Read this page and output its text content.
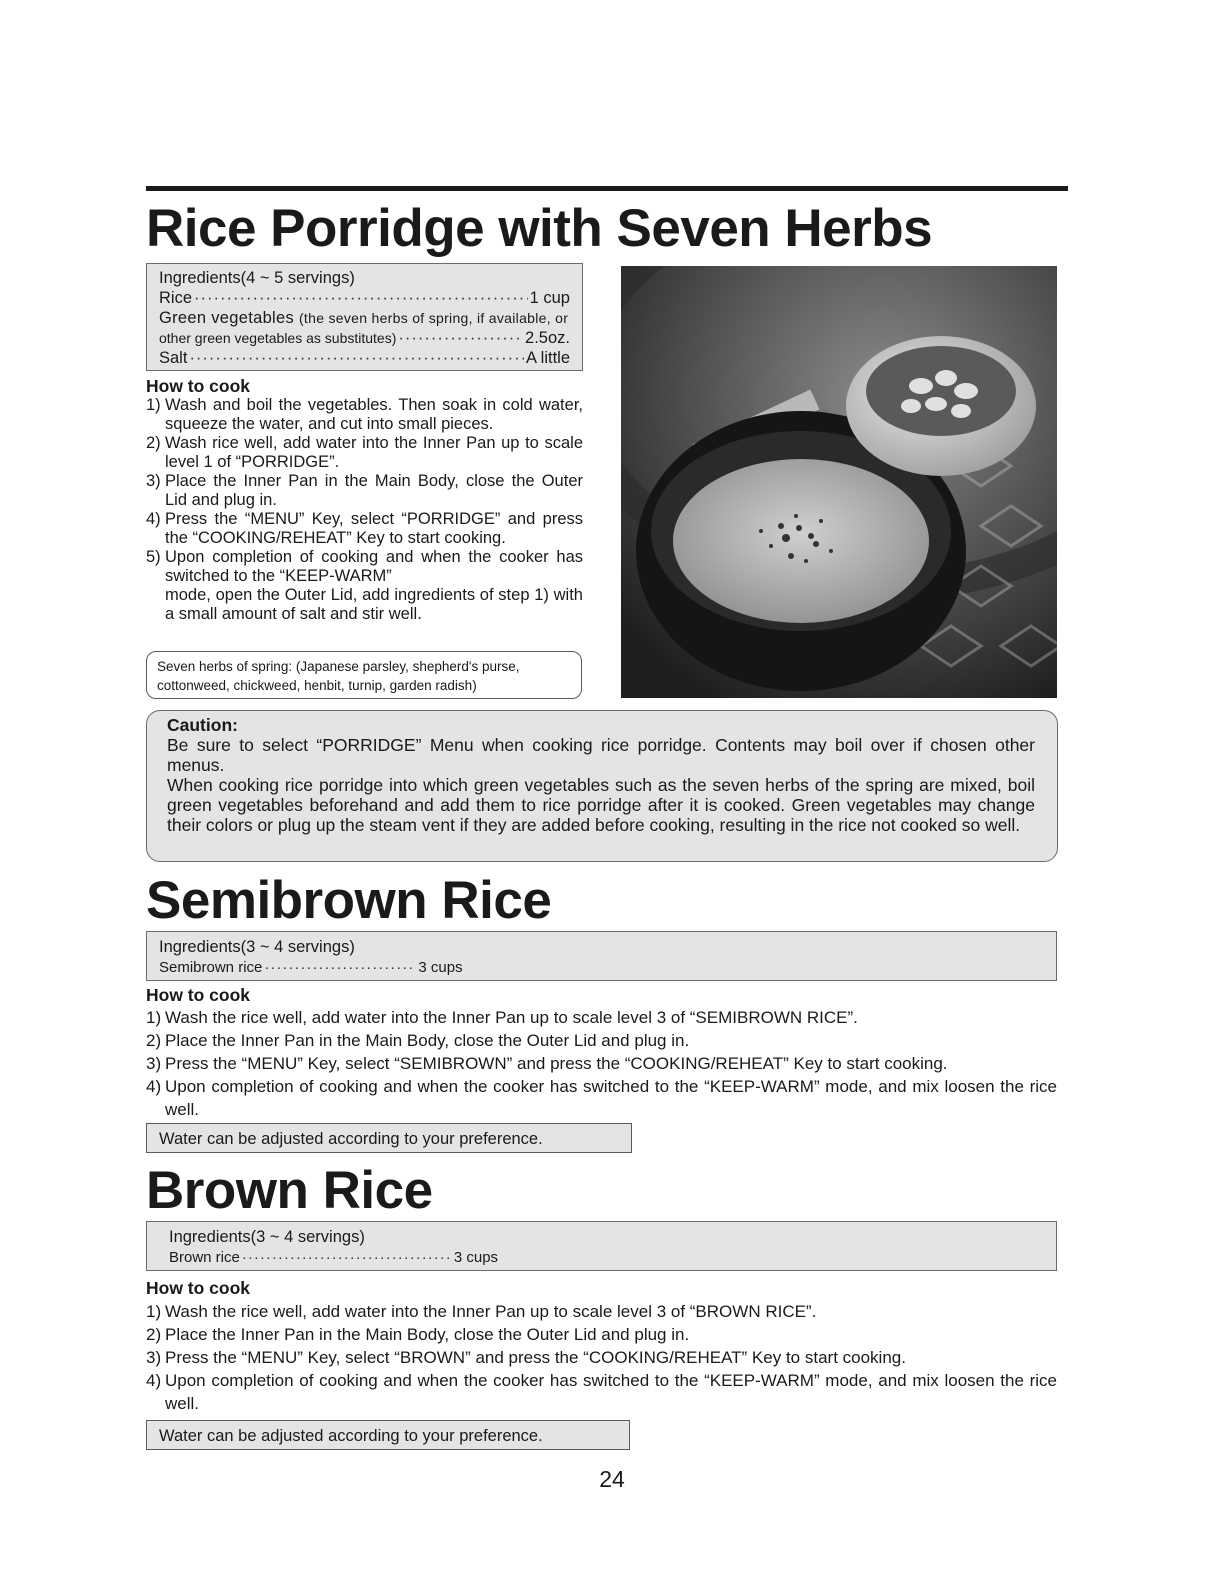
Rice Porridge with Seven Herbs
Ingredients(4 ~ 5 servings)
Rice ·····	1 cup
Green vegetables
(the seven herbs of spring, if available, or
other green vegetables as substitutes) ·····	2.5oz.
Salt ·····	A little
How to cook
1) Wash and boil the vegetables. Then soak in cold water, squeeze the water, and cut into small pieces.
2) Wash rice well, add water into the Inner Pan up to scale level 1 of “PORRIDGE”.
3) Place the Inner Pan in the Main Body, close the Outer Lid and plug in.
4) Press the “MENU” Key, select “PORRIDGE” and press the “COOKING/REHEAT” Key to start cooking.
5) Upon completion of cooking and when the cooker has switched to the “KEEP-WARM”
mode, open the Outer Lid, add ingredients of step 1) with a small amount of salt and stir well.
Seven herbs of spring: (Japanese parsley, shepherd's purse, cottonweed, chickweed, henbit, turnip, garden radish)
Caution:

Be sure to select “PORRIDGE” Menu when cooking rice porridge. Contents may boil over if chosen other menus.

When cooking rice porridge into which green vegetables such as the seven herbs of the spring are mixed, boil green vegetables beforehand and add them to rice porridge after it is cooked. Green vegetables may change their colors or plug up the steam vent if they are added before cooking, resulting in the rice not cooked so well.

Semibrown Rice
Ingredients(3 ~ 4 servings)
Semibrown rice ·····	3 cups
How to cook
1) Wash the rice well, add water into the Inner Pan up to scale level 3 of “SEMIBROWN RICE”.
2) Place the Inner Pan in the Main Body, close the Outer Lid and plug in.
3) Press the “MENU” Key, select “SEMIBROWN” and press the “COOKING/REHEAT” Key to start cooking.
4) Upon completion of cooking and when the cooker has switched to the “KEEP-WARM” mode, and mix loosen the rice well.
Water can be adjusted according to your preference.
Brown Rice
Ingredients(3 ~ 4 servings)
Brown rice ·····	3 cups
How to cook
1) Wash the rice well, add water into the Inner Pan up to scale level 3 of “BROWN RICE”.
2) Place the Inner Pan in the Main Body, close the Outer Lid and plug in.
3) Press the “MENU” Key, select “BROWN” and press the “COOKING/REHEAT” Key to start cooking.
4) Upon completion of cooking and when the cooker has switched to the “KEEP-WARM” mode, and mix loosen the rice well.
Water can be adjusted according to your preference.
24
